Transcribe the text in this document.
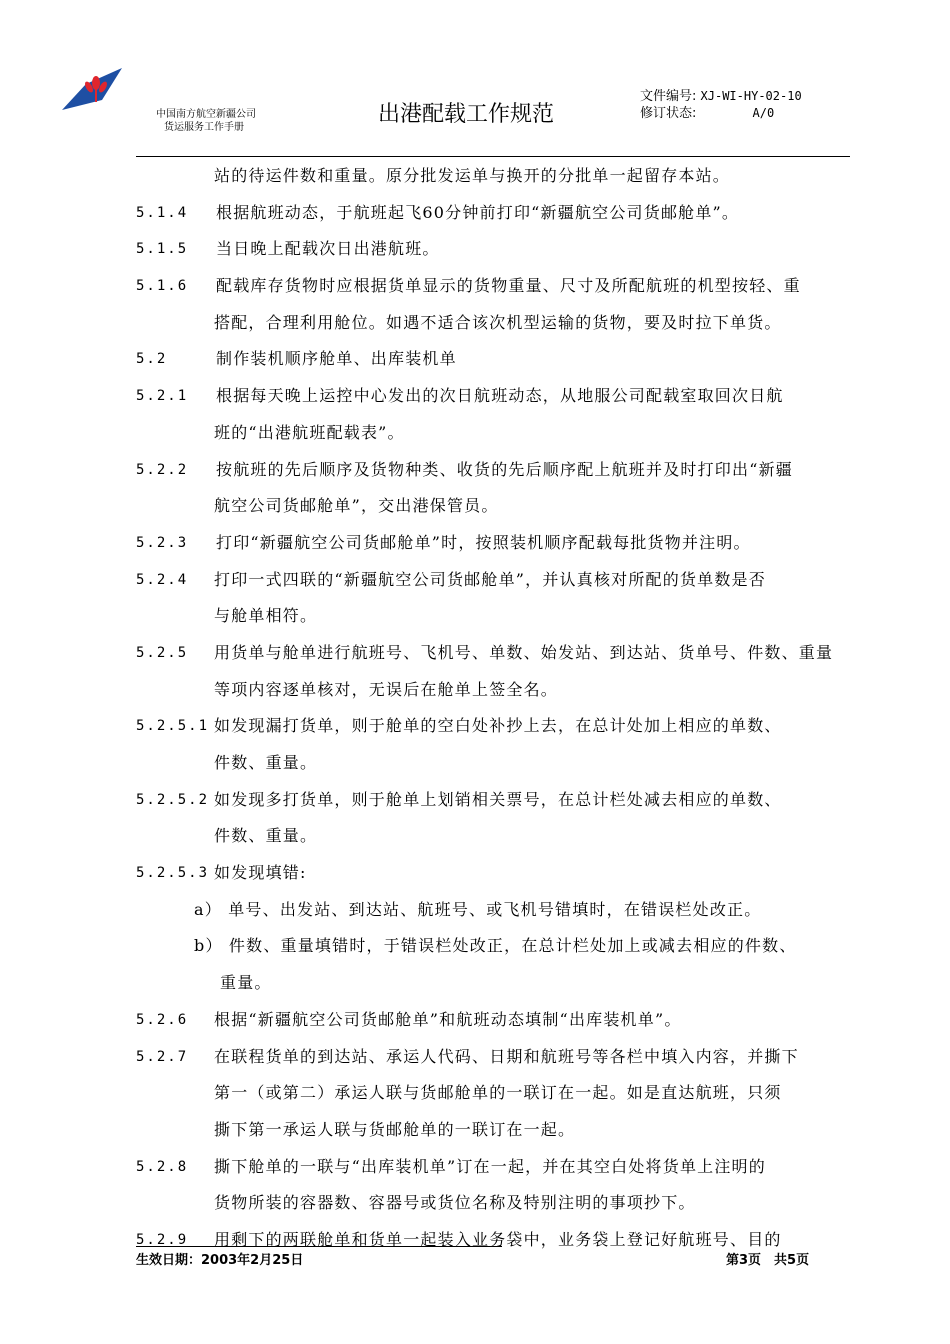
中国南方航空新疆公司
货运服务工作手册
出港配载工作规范
文件编号: XJ-WI-HY-02-10
修订状态:	A/0
站的待运件数和重量。原分批发运单与换开的分批单一起留存本站。
5.1.4 根据航班动态，于航班起飞60分钟前打印“新疆航空公司货邮舱单”。
5.1.5 当日晚上配载次日出港航班。
5.1.6 配载库存货物时应根据货单显示的货物重量、尺寸及所配航班的机型按轻、重
搭配，合理利用舱位。如遇不适合该次机型运输的货物，要及时拉下单货。
5.2	制作装机顺序舱单、出库装机单
5.2.1 根据每天晚上运控中心发出的次日航班动态，从地服公司配载室取回次日航
班的“出港航班配载表”。
5.2.2 按航班的先后顺序及货物种类、收货的先后顺序配上航班并及时打印出“新疆
航空公司货邮舱单”，交出港保管员。
5.2.3 打印“新疆航空公司货邮舱单”时，按照装机顺序配载每批货物并注明。
5.2.4 打印一式四联的“新疆航空公司货邮舱单”，并认真核对所配的货单数是否
与舱单相符。
5.2.5 用货单与舱单进行航班号、飞机号、单数、始发站、到达站、货单号、件数、重量
等项内容逐单核对，无误后在舱单上签全名。
5.2.5.1 如发现漏打货单，则于舱单的空白处补抄上去，在总计处加上相应的单数、
件数、重量。
5.2.5.2 如发现多打货单，则于舱单上划销相关票号，在总计栏处减去相应的单数、
件数、重量。
5.2.5.3 如发现填错:
a） 单号、出发站、到达站、航班号、或飞机号错填时，在错误栏处改正。
b） 件数、重量填错时，于错误栏处改正，在总计栏处加上或减去相应的件数、
重量。
5.2.6 根据“新疆航空公司货邮舱单”和航班动态填制“出库装机单”。
5.2.7 在联程货单的到达站、承运人代码、日期和航班号等各栏中填入内容，并撕下
第一（或第二）承运人联与货邮舱单的一联订在一起。如是直达航班，只须
撕下第一承运人联与货邮舱单的一联订在一起。
5.2.8 撕下舱单的一联与“出库装机单”订在一起，并在其空白处将货单上注明的
货物所装的容器数、容器号或货位名称及特别注明的事项抄下。
5.2.9 用剩下的两联舱单和货单一起装入业务袋中，业务袋上登记好航班号、目的
生效日期：2003年2月25日	第3页　共5页
